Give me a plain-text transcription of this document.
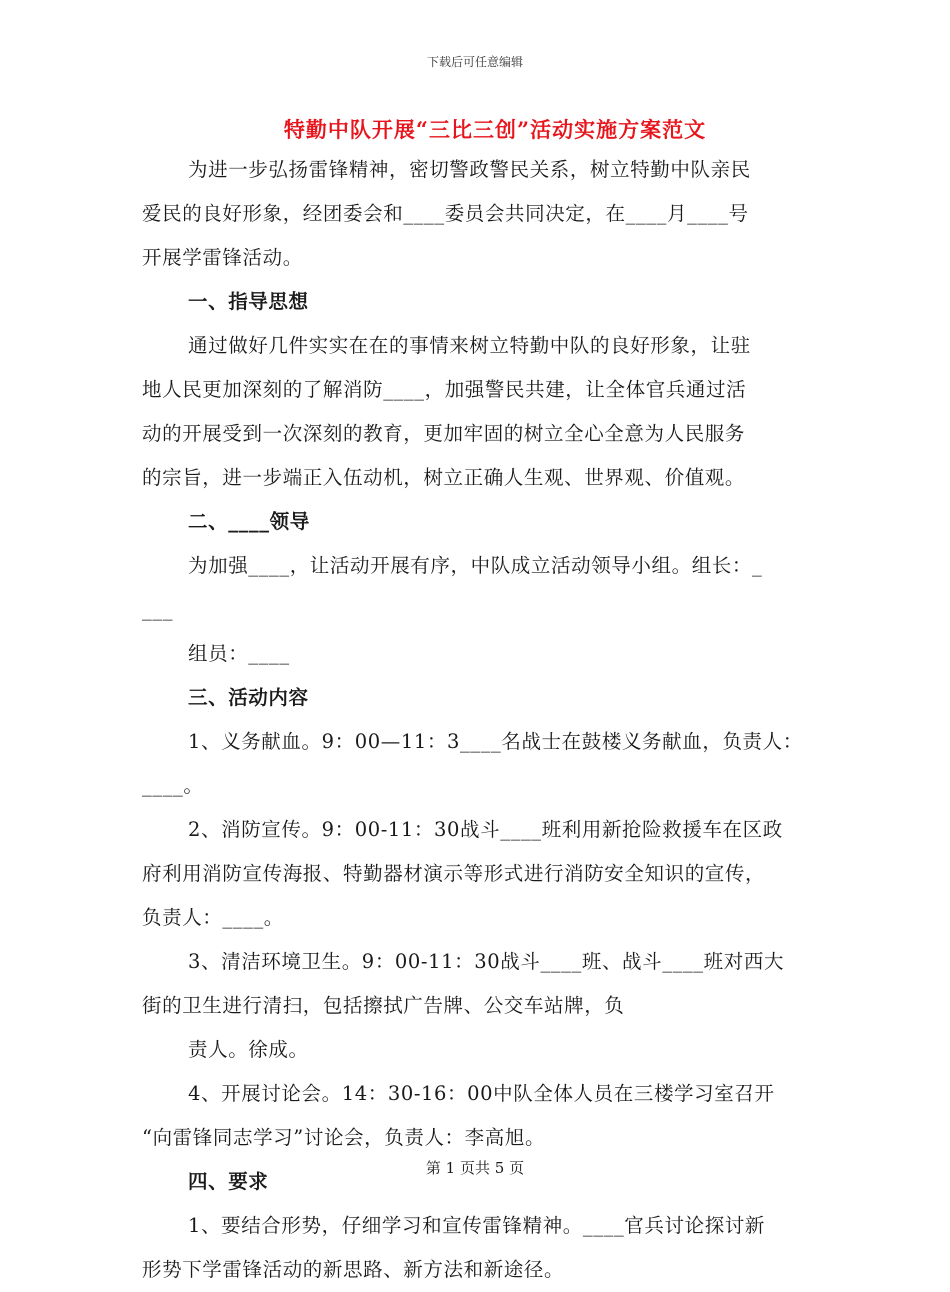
下载后可任意编辑
特勤中队开展“三比三创”活动实施方案范文
为进一步弘扬雷锋精神，密切警政警民关系，树立特勤中队亲民
爱民的良好形象，经团委会和____委员会共同决定，在____月____号
开展学雷锋活动。
一、指导思想
通过做好几件实实在在的事情来树立特勤中队的良好形象，让驻
地人民更加深刻的了解消防____，加强警民共建，让全体官兵通过活
动的开展受到一次深刻的教育，更加牢固的树立全心全意为人民服务
的宗旨，进一步端正入伍动机，树立正确人生观、世界观、价值观。
二、____领导
为加强____，让活动开展有序，中队成立活动领导小组。组长：_
___
组员：____
三、活动内容
1、义务献血。9：00—11：3____名战士在鼓楼义务献血，负责人：
____。
2、消防宣传。9：00-11：30战斗____班利用新抢险救援车在区政
府利用消防宣传海报、特勤器材演示等形式进行消防安全知识的宣传，
负责人：____。
3、清洁环境卫生。9：00-11：30战斗____班、战斗____班对西大
街的卫生进行清扫，包括擦拭广告牌、公交车站牌，负
责人。徐成。
4、开展讨论会。14：30-16：00中队全体人员在三楼学习室召开
“向雷锋同志学习”讨论会，负责人：李高旭。
四、要求
1、要结合形势，仔细学习和宣传雷锋精神。____官兵讨论探讨新
形势下学雷锋活动的新思路、新方法和新途径。
第 1 页共 5 页
